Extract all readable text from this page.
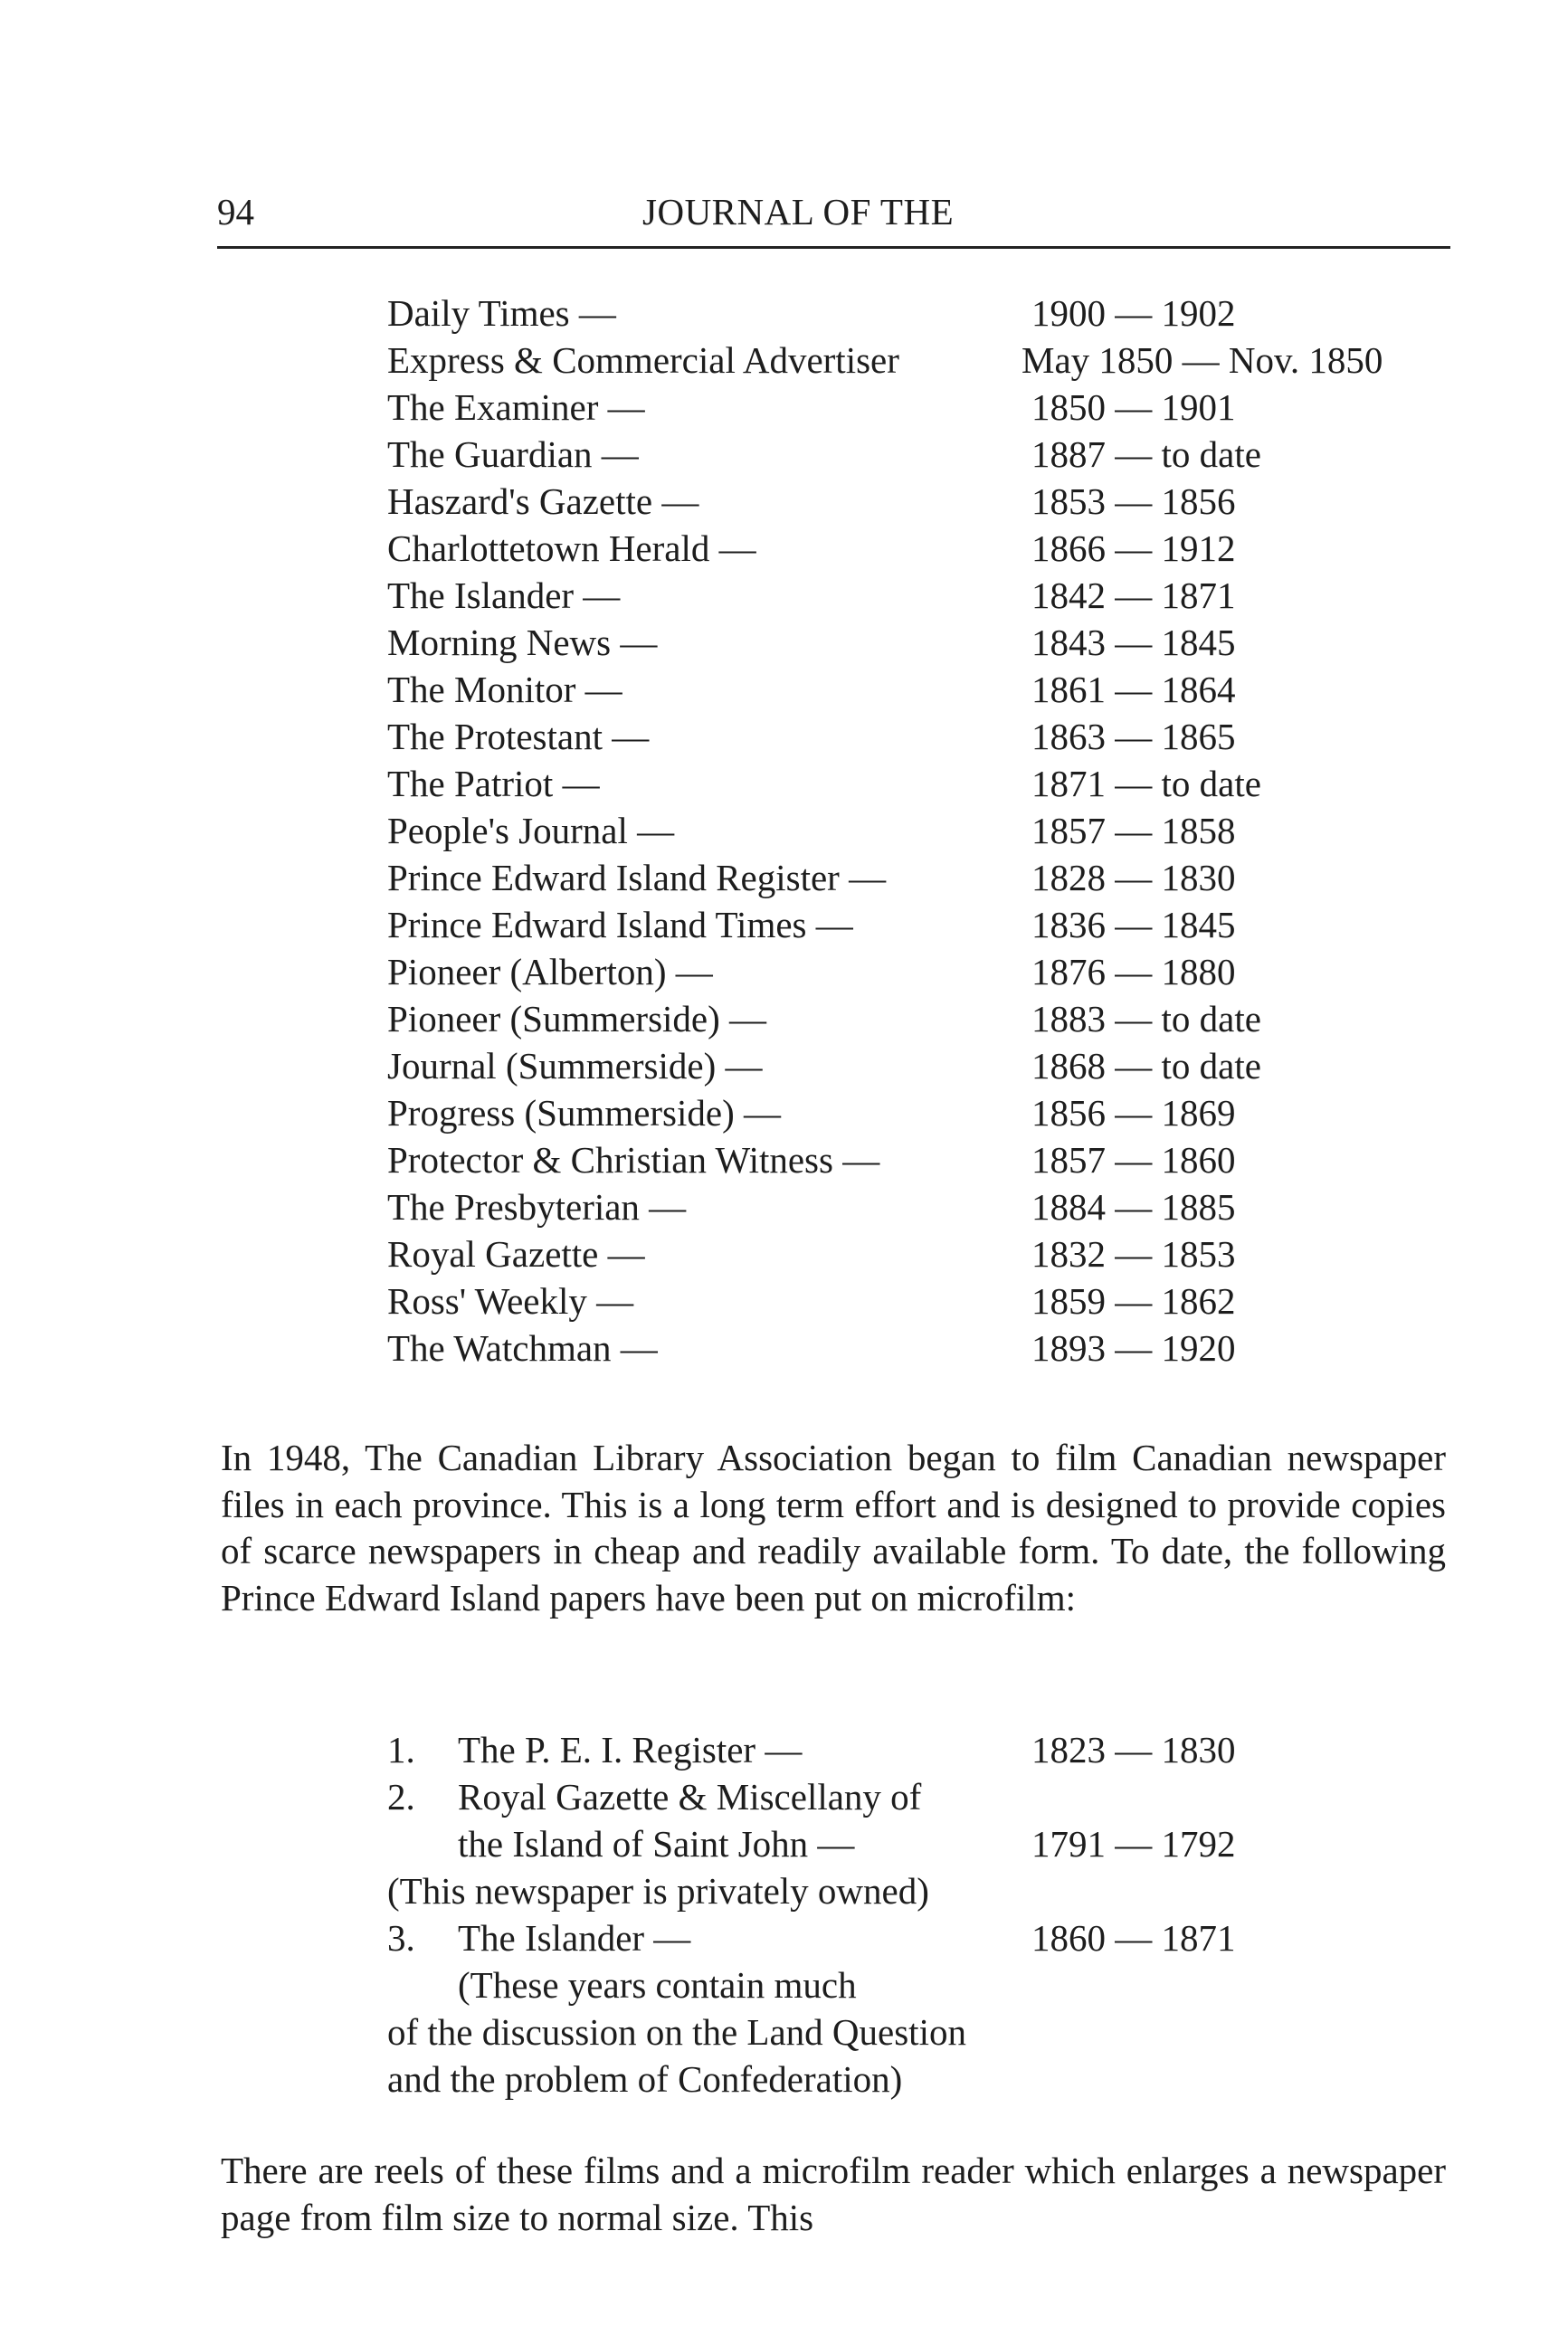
94	JOURNAL OF THE
Daily Times —	1900 — 1902
Express & Commercial Advertiser	May 1850 — Nov. 1850
The Examiner —	1850 — 1901
The Guardian —	1887 — to date
Haszard's Gazette —	1853 — 1856
Charlottetown Herald —	1866 — 1912
The Islander —	1842 — 1871
Morning News —	1843 — 1845
The Monitor —	1861 — 1864
The Protestant —	1863 — 1865
The Patriot —	1871 — to date
People's Journal —	1857 — 1858
Prince Edward Island Register —	1828 — 1830
Prince Edward Island Times —	1836 — 1845
Pioneer (Alberton) —	1876 — 1880
Pioneer (Summerside) —	1883 — to date
Journal (Summerside) —	1868 — to date
Progress (Summerside) —	1856 — 1869
Protector & Christian Witness —	1857 — 1860
The Presbyterian —	1884 — 1885
Royal Gazette —	1832 — 1853
Ross' Weekly —	1859 — 1862
The Watchman —	1893 — 1920

In 1948, The Canadian Library Association began to film Canadian newspaper files in each province. This is a long term effort and is designed to provide copies of scarce newspapers in cheap and readily available form. To date, the following Prince Edward Island papers have been put on microfilm:

1. The P. E. I. Register —	1823 — 1830
2. Royal Gazette & Miscellany of
the Island of Saint John —	1791 — 1792
(This newspaper is privately owned)
3. The Islander —	1860 — 1871
(These years contain much
of the discussion on the Land Question
and the problem of Confederation)

There are reels of these films and a microfilm reader which enlarges a newspaper page from film size to normal size. This
